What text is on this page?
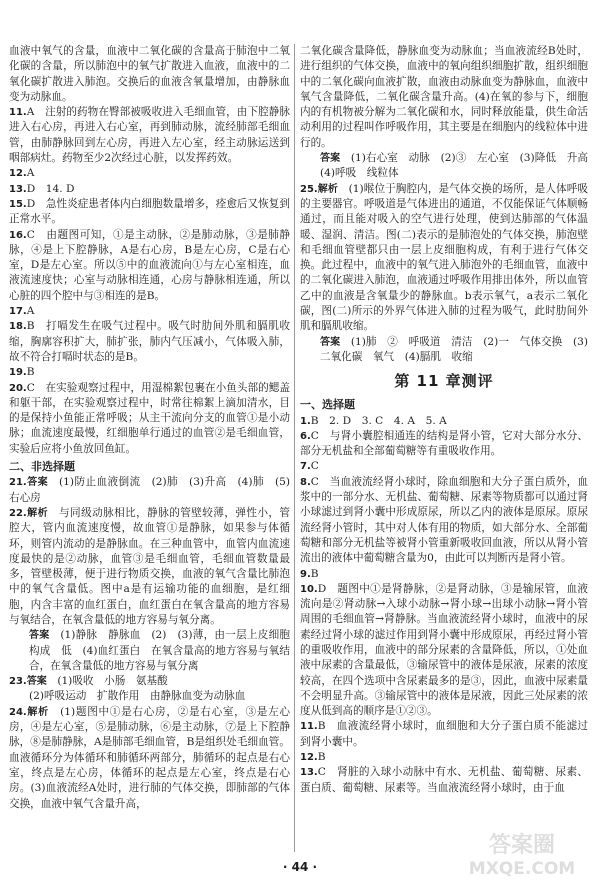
血液中氧气的含量，血液中二氧化碳的含量高于肺泡中二氧化碳的含量，所以肺泡中的氧气扩散进入血液，血液中的二氧化碳扩散进入肺泡。交换后的血液含氧量增加，由静脉血变为动脉血。

11.A　注射的药物在臀部被吸收进入毛细血管，由下腔静脉进入右心房，再进入右心室，再到肺动脉，流经肺部毛细血管，由肺静脉回到左心房，再进入左心室，经主动脉运送到咽部病灶。药物至少2次经过心脏，以发挥药效。

12.A

13.D　14. D

15.D　急性炎症患者体内白细胞数量增多，痊愈后又恢复到正常水平。

16.C　由题图可知，①是主动脉，②是肺动脉，③是肺静脉，④是上下腔静脉，A是右心房，B是左心房，C是右心室，D是左心室。所以⑤中的血液流向①与左心室相连，血液流速度快；心室与动脉相连通，心房与静脉相连通，所以心脏的四个腔中与③相连的是B。

17.A

18.B　打嗝发生在吸气过程中。吸气时肋间外肌和膈肌收缩，胸廓容积扩大，肺扩张，肺内气压减小，气体吸入肺，故不符合打嗝时状态的是B。

19.B

20.C　在实验观察过程中，用湿棉絮包裹在小鱼头部的鳃盖和躯干部，在实验观察过程中，时常往棉絮上滴加清水，目的是保持小鱼能正常呼吸；从主干流向分支的血管①是小动脉；血流速度最慢，红细胞单行通过的血管②是毛细血管，实验后应将小鱼放回鱼缸。

二、非选择题

21.答案　 (1)防止血液倒流　(2)肺　(3)升高　(4)肺　(5)右心房

22.解析　 与同级动脉相比，静脉的管壁较薄，弹性小，管腔大，管内血流速度慢，故血管①是静脉，如果参与体循环，则管内流动的是静脉血。在三种血管中，血管内血流速度最快的是②动脉，血管③是毛细血管，毛细血管数量最多，管壁极薄，便于进行物质交换，血液的氧气含量比肺泡中的氧气含量低。图中a是有运输功能的血细胞，是红细胞，内含丰富的血红蛋白，血红蛋白在氧含量高的地方容易与氧结合，在氧含量低的地方容易与氧分离。

答案　 (1)静脉　静脉血　(2)　(3)薄，由一层上皮细胞构成　低　(4)血红蛋白　在氧含量高的地方容易与氧结合，在氧含量低的地方容易与氧分离

23.答案　 (1)吸收　小肠　氨基酸

(2)呼吸运动　扩散作用　由静脉血变为动脉血

24.解析　 (1)题图中①是右心房，②是右心室，③是左心房，④是左心室，⑤是肺动脉，⑥是主动脉，⑦是上下腔静脉，⑧是肺静脉，A是肺部毛细血管，B是组织处毛细血管。血液循环分为体循环和肺循环两部分，肺循环的起点是右心室，终点是左心房，体循环的起点是左心室，终点是右心房。(3)血液流经A处时，进行肺的气体交换，即肺部的气体交换，血液中氧气含量升高，

二氧化碳含量降低，静脉血变为动脉血；当血液流经B处时，进行组织的气体交换，血液中的氧向组织细胞扩散，组织细胞中的二氧化碳向血液扩散，血液由动脉血变为静脉血，血液中氧气含量降低，二氧化碳含量升高。(4)在氧的参与下，细胞内的有机物被分解为二氧化碳和水，同时释放能量，供生命活动利用的过程叫作呼吸作用，其主要是在细胞内的线粒体中进行的。

答案　 (1)右心室　动脉　(2)③　左心室　(3)降低　升高　(4)呼吸　线粒体

25.解析　 (1)喉位于胸腔内，是气体交换的场所，是人体呼吸的主要器官。呼吸道是气体进出的通道，不仅能保证气体顺畅通过，而且能对吸入的空气进行处理，使到达肺部的气体温暖、湿润、清洁。图(二)表示的是肺泡处的气体交换，肺泡壁和毛细血管壁都只由一层上皮细胞构成，有利于进行气体交换。此过程中，血液中的氧气进入肺泡外的毛细血管，血液中的二氧化碳进入肺泡，血液通过呼吸作用排出体外，所以血管乙中的血液是含氧量少的静脉血。b表示氧气，a表示二氧化碳，图(二)所示的外界气体进入肺的过程为吸气，此时肋间外肌和膈肌收缩。

答案　 (1)肺　②　呼吸道　清洁　(2)一　气体交换　(3)二氧化碳　氧气　(4)膈肌　收缩

第 11 章测评
一、选择题

1.B　2. D　3. C　4. A　5. A

6.C　与肾小囊腔相通连的结构是肾小管，它对大部分水分、部分无机盐和全部葡萄糖等有重吸收作用。

7.C

8.C　当血液流经肾小球时，除血细胞和大分子蛋白质外，血浆中的一部分水、无机盐、葡萄糖、尿素等物质都可以通过肾小球滤过到肾小囊中形成原尿，所以乙内的液体是原尿。原尿流经肾小管时，其中对人体有用的物质，如大部分水、全部葡萄糖和部分无机盐等被肾小管重新吸收回血液，所以从肾小管流出的液体中葡萄糖含量为0，由此可以判断丙是肾小管。

9.B

10.D　题图中①是肾静脉，②是肾动脉，③是输尿管，血液流向是②肾动脉→入球小动脉→肾小球→出球小动脉→肾小管周围的毛细血管→肾静脉。当血液流经肾小球时，血液中的尿素经过肾小球的滤过作用到肾小囊中形成原尿，再经过肾小管的重吸收作用，血液中的部分尿素的含量降低，所以，①处血液中尿素的含量最低，③输尿管中的液体是尿液，尿素的浓度较高，在四个选项中含尿素最多的是③，因此，血液中尿素量不会明显升高。③输尿管中的液体是尿液，因此三处尿素的浓度从低到高的顺序是①②③。

11.B　血液流经肾小球时，血细胞和大分子蛋白质不能滤过到肾小囊中。

12.B

13.C　肾脏的入球小动脉中有水、无机盐、葡萄糖、尿素、蛋白质、葡萄糖、尿素等。当血液流经肾小球时，由于血

· 44 ·
答案圈
MXQE.COM
